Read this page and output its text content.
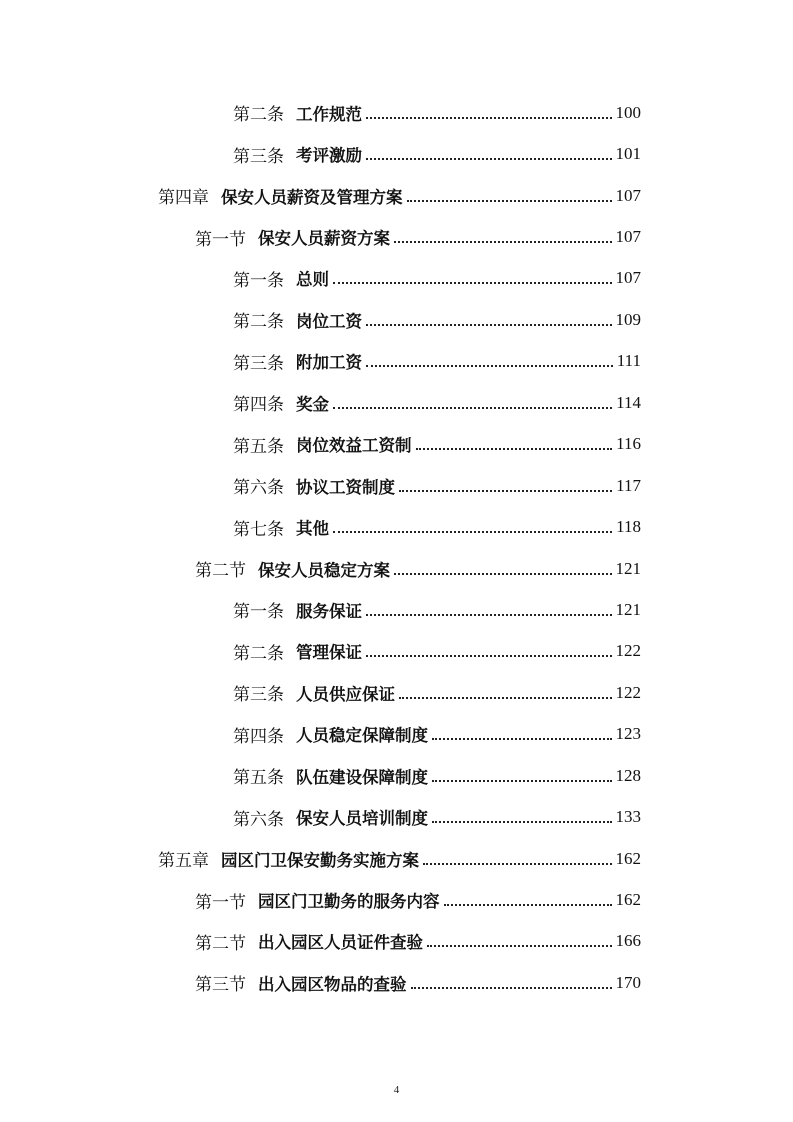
第二条 工作规范	100
第三条 考评激励	101
第四章 保安人员薪资及管理方案	107
第一节 保安人员薪资方案	107
第一条 总则	107
第二条 岗位工资	109
第三条 附加工资	111
第四条 奖金	114
第五条 岗位效益工资制	116
第六条 协议工资制度	117
第七条 其他	118
第二节 保安人员稳定方案	121
第一条 服务保证	121
第二条 管理保证	122
第三条 人员供应保证	122
第四条 人员稳定保障制度	123
第五条 队伍建设保障制度	128
第六条 保安人员培训制度	133
第五章 园区门卫保安勤务实施方案	162
第一节 园区门卫勤务的服务内容	162
第二节 出入园区人员证件查验	166
第三节 出入园区物品的查验	170
4
